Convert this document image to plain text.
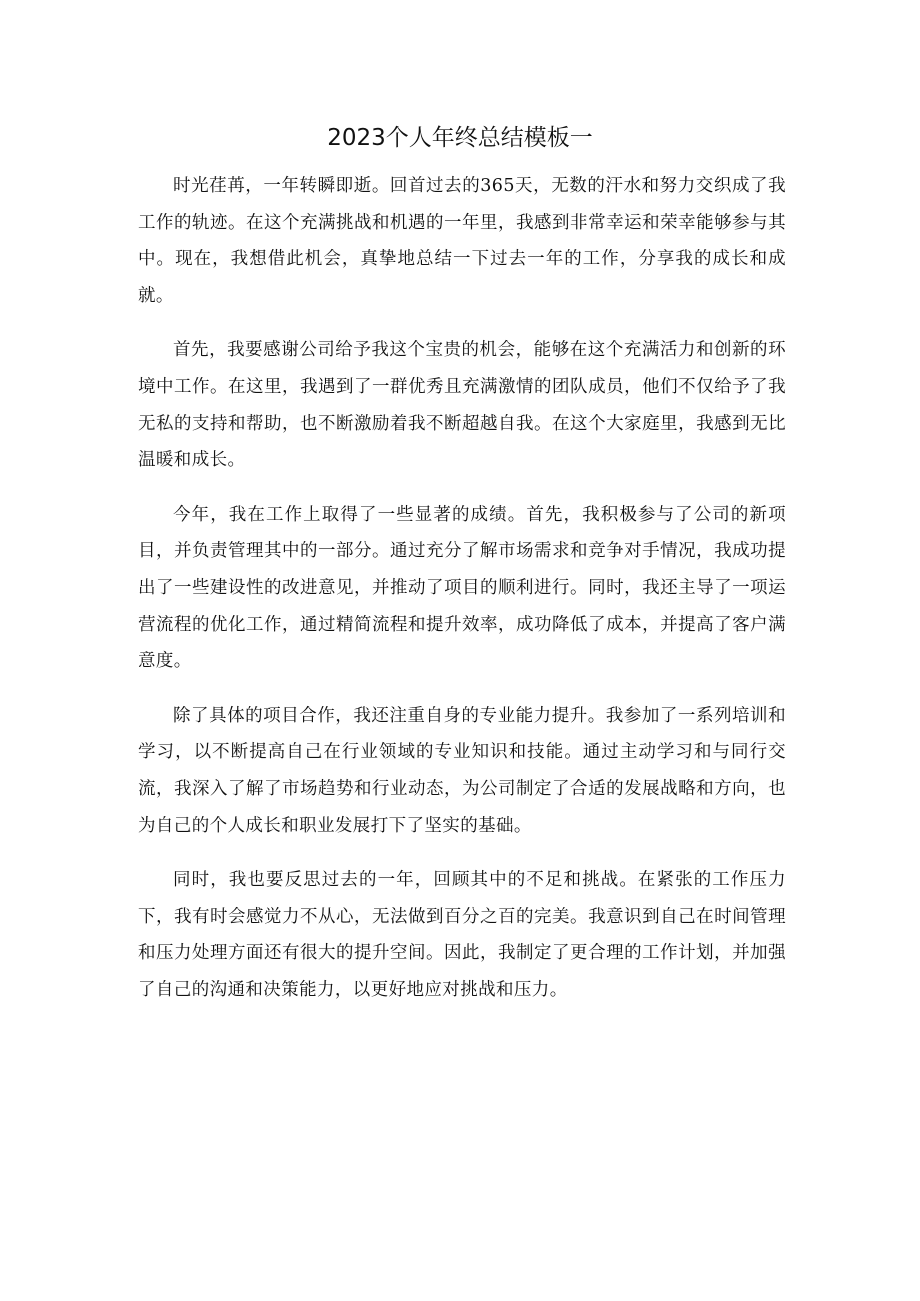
2023个人年终总结模板一

时光荏苒，一年转瞬即逝。回首过去的365天，无数的汗水和努力交织成了我工作的轨迹。在这个充满挑战和机遇的一年里，我感到非常幸运和荣幸能够参与其中。现在，我想借此机会，真挚地总结一下过去一年的工作，分享我的成长和成就。

首先，我要感谢公司给予我这个宝贵的机会，能够在这个充满活力和创新的环境中工作。在这里，我遇到了一群优秀且充满激情的团队成员，他们不仅给予了我无私的支持和帮助，也不断激励着我不断超越自我。在这个大家庭里，我感到无比温暖和成长。

今年，我在工作上取得了一些显著的成绩。首先，我积极参与了公司的新项目，并负责管理其中的一部分。通过充分了解市场需求和竞争对手情况，我成功提出了一些建设性的改进意见，并推动了项目的顺利进行。同时，我还主导了一项运营流程的优化工作，通过精简流程和提升效率，成功降低了成本，并提高了客户满意度。

除了具体的项目合作，我还注重自身的专业能力提升。我参加了一系列培训和学习，以不断提高自己在行业领域的专业知识和技能。通过主动学习和与同行交流，我深入了解了市场趋势和行业动态，为公司制定了合适的发展战略和方向，也为自己的个人成长和职业发展打下了坚实的基础。

同时，我也要反思过去的一年，回顾其中的不足和挑战。在紧张的工作压力下，我有时会感觉力不从心，无法做到百分之百的完美。我意识到自己在时间管理和压力处理方面还有很大的提升空间。因此，我制定了更合理的工作计划，并加强了自己的沟通和决策能力，以更好地应对挑战和压力。
